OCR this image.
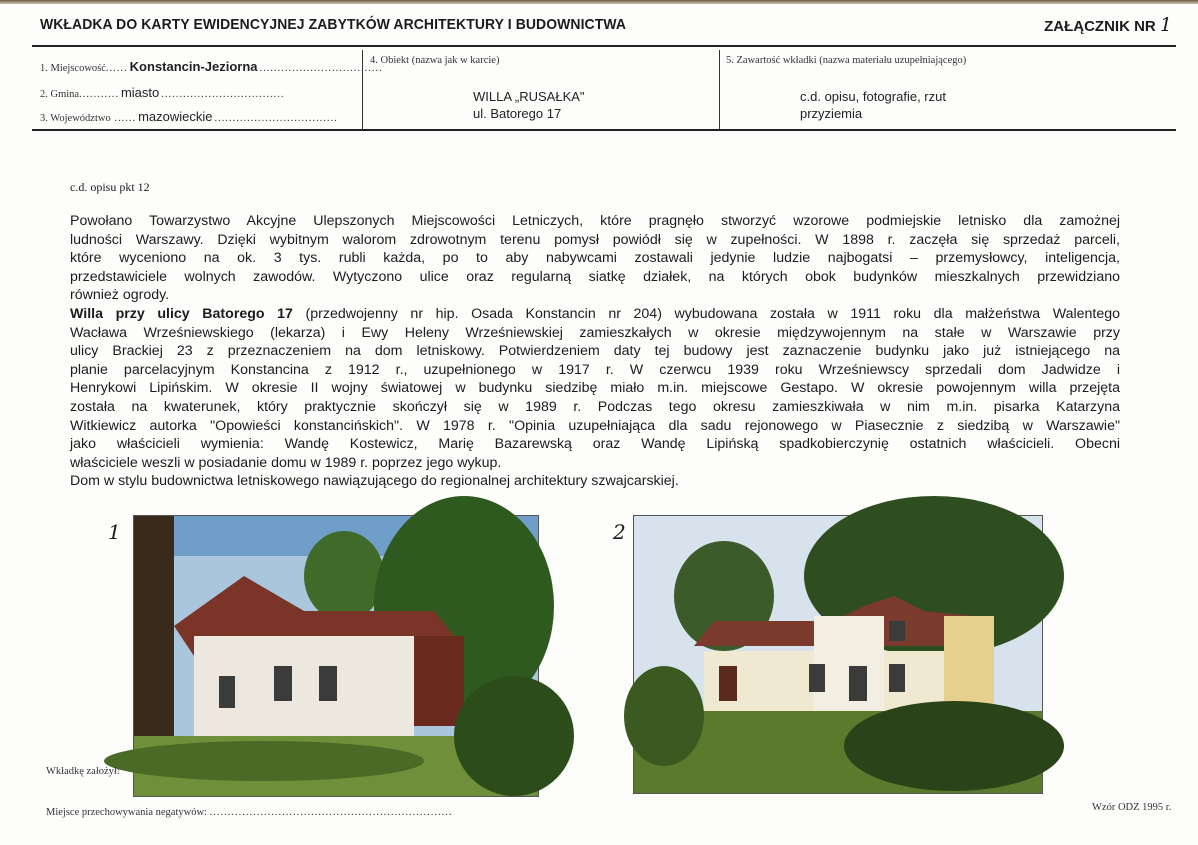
WKŁADKA DO KARTY EWIDENCYJNEJ ZABYTKÓW ARCHITEKTURY I BUDOWNICTWA	ZAŁĄCZNIK NR 1
1. Miejscowość...... Konstancin-Jeziorna ..................................
2. Gmina........... miasto ..................................
3. Województwo ...... mazowieckie ..................................
4. Obiekt (nazwa jak w karcie)
WILLA „RUSAŁKA"
ul. Batorego 17
5. Zawartość wkładki (nazwa materiału uzupełniającego)
c.d. opisu, fotografie, rzut
przyziemia
c.d. opisu pkt 12
Powołano Towarzystwo Akcyjne Ulepszonych Miejscowości Letniczych, które pragnęło stworzyć wzorowe podmiejskie letnisko dla zamożnej
ludności Warszawy. Dzięki wybitnym walorom zdrowotnym terenu pomysł powiódł się w zupełności. W 1898 r. zaczęła się sprzedaż parceli,
które wyceniono na ok. 3 tys. rubli każda, po to aby nabywcami zostawali jedynie ludzie najbogatsi – przemysłowcy, inteligencja,
przedstawiciele wolnych zawodów. Wytyczono ulice oraz regularną siatkę działek, na których obok budynków mieszkalnych przewidziano
również ogrody.
Willa przy ulicy Batorego 17 (przedwojenny nr hip. Osada Konstancin nr 204) wybudowana została w 1911 roku dla małżeństwa Walentego
Wacława Wrześniewskiego (lekarza) i Ewy Heleny Wrześniewskiej zamieszkałych w okresie międzywojennym na stałe w Warszawie przy
ulicy Brackiej 23 z przeznaczeniem na dom letniskowy. Potwierdzeniem daty tej budowy jest zaznaczenie budynku jako już istniejącego na
planie parcelacyjnym Konstancina z 1912 r., uzupełnionego w 1917 r. W czerwcu 1939 roku Wrześniewscy sprzedali dom Jadwidze i
Henrykowi Lipińskim. W okresie II wojny światowej w budynku siedzibę miało m.in. miejscowe Gestapo. W okresie powojennym willa przejęta
została na kwaterunek, który praktycznie skończył się w 1989 r. Podczas tego okresu zamieszkiwała w nim m.in. pisarka Katarzyna
Witkiewicz autorka "Opowieści konstancińskich". W 1978 r. "Opinia uzupełniająca dla sadu rejonowego w Piasecznie z siedzibą w Warszawie"
jako właścicieli wymienia: Wandę Kostewicz, Marię Bazarewską oraz Wandę Lipińską spadkobierczynię ostatnich właścicieli. Obecni
właściciele weszli w posiadanie domu w 1989 r. poprzez jego wykup.
Dom w stylu budownictwa letniskowego nawiązującego do regionalnej architektury szwajcarskiej.
1	2
Wkładkę założył:	....
Miejsce przechowywania negatywów: ...................................................................	Wzór ODZ 1995 r.
